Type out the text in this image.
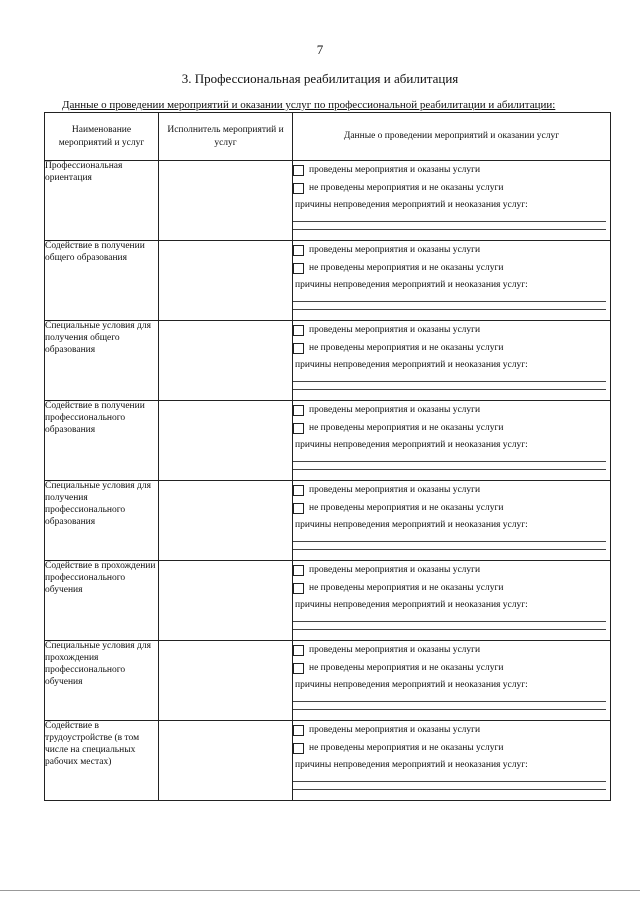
7
3. Профессиональная реабилитация и абилитация
Данные о проведении мероприятий и оказании услуг по профессиональной реабилитации и абилитации:
Наименование мероприятий и услуг	Исполнитель мероприятий и услуг	Данные о проведении мероприятий и оказании услуг
Профессиональная ориентация		проведены мероприятия и оказаны услуги
не проведены мероприятия и не оказаны услуги
причины непроведения мероприятий и неоказания услуг:

Содействие в получении общего образования		проведены мероприятия и оказаны услуги
не проведены мероприятия и не оказаны услуги
причины непроведения мероприятий и неоказания услуг:

Специальные условия для получения общего образования		проведены мероприятия и оказаны услуги
не проведены мероприятия и не оказаны услуги
причины непроведения мероприятий и неоказания услуг:

Содействие в получении профессионального образования		проведены мероприятия и оказаны услуги
не проведены мероприятия и не оказаны услуги
причины непроведения мероприятий и неоказания услуг:

Специальные условия для получения профессионального образования		проведены мероприятия и оказаны услуги
не проведены мероприятия и не оказаны услуги
причины непроведения мероприятий и неоказания услуг:

Содействие в прохождении профессионального обучения		проведены мероприятия и оказаны услуги
не проведены мероприятия и не оказаны услуги
причины непроведения мероприятий и неоказания услуг:

Специальные условия для прохождения профессионального обучения		проведены мероприятия и оказаны услуги
не проведены мероприятия и не оказаны услуги
причины непроведения мероприятий и неоказания услуг:

Содействие в трудоустройстве (в том числе на специальных рабочих местах)		проведены мероприятия и оказаны услуги
не проведены мероприятия и не оказаны услуги
причины непроведения мероприятий и неоказания услуг:
